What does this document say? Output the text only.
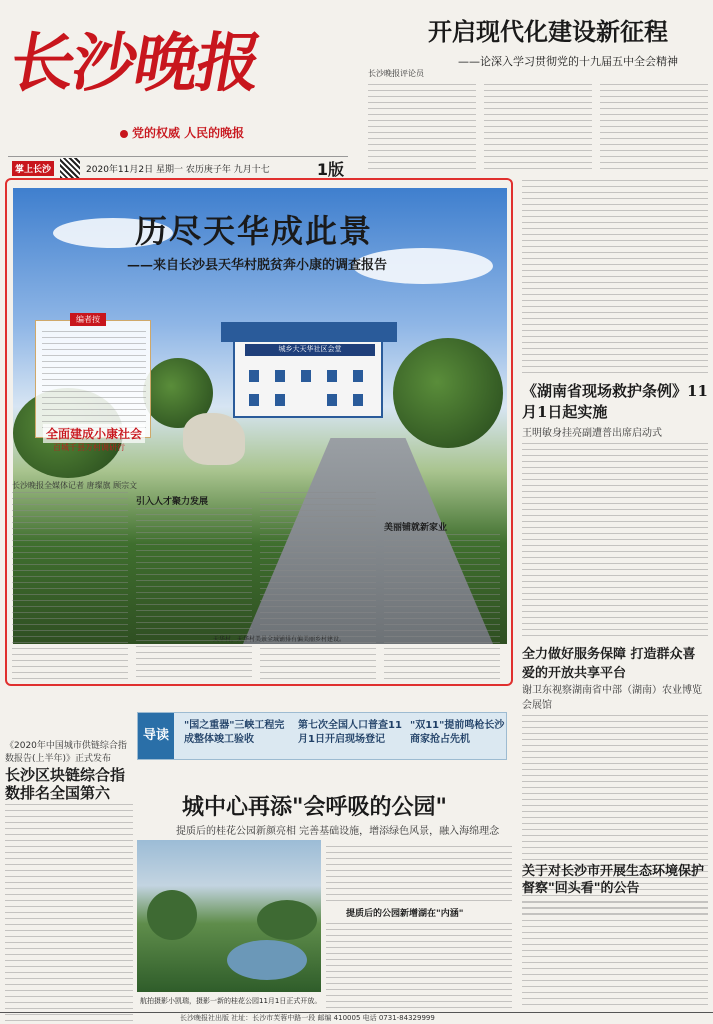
长沙晚报
党的权威 人民的晚报
掌上长沙	2020年11月2日 星期一 农历庚子年 九月十七	1版
开启现代化建设新征程
——论深入学习贯彻党的十九届五中全会精神
长沙晚报评论员
城乡大天华社区会堂
编者按
全面建成小康社会
百城千县万村调研行
天华村，天华村美景全域铺排有偏美丽乡村建设。
历尽天华成此景
——来自长沙县天华村脱贫奔小康的调查报告
长沙晚报全媒体记者 唐璨旗 顾宗文
引入人才聚力发展
美丽铺就新家业
《湖南省现场救护条例》11月1日起实施
王明敏身挂亮副遭普出席启动式
全力做好服务保障 打造群众喜爱的开放共享平台
谢卫东视察湖南省中部（湖南）农业博览会展馆
《2020年中国城市供链综合指数报告(上半年)》正式发布
长沙区块链综合指数排名全国第六
导读
"国之重器"三峡工程完成整体竣工验收
第七次全国人口普查11月1日开启现场登记
"双11"提前鸣枪长沙商家抢占先机
城中心再添"会呼吸的公园"
提质后的桂花公园新颜亮相 完善基础设施，增添绿色风景，融入海绵理念
航拍摄影小凯瑞，摄影一新的桂花公园11月1日正式开放。
提质后的公园新增湖在"内涵"
关于对长沙市开展生态环境保护督察"回头看"的公告
长沙晚报社出版 社址：长沙市芙蓉中路一段 邮编 410005 电话 0731-84329999
